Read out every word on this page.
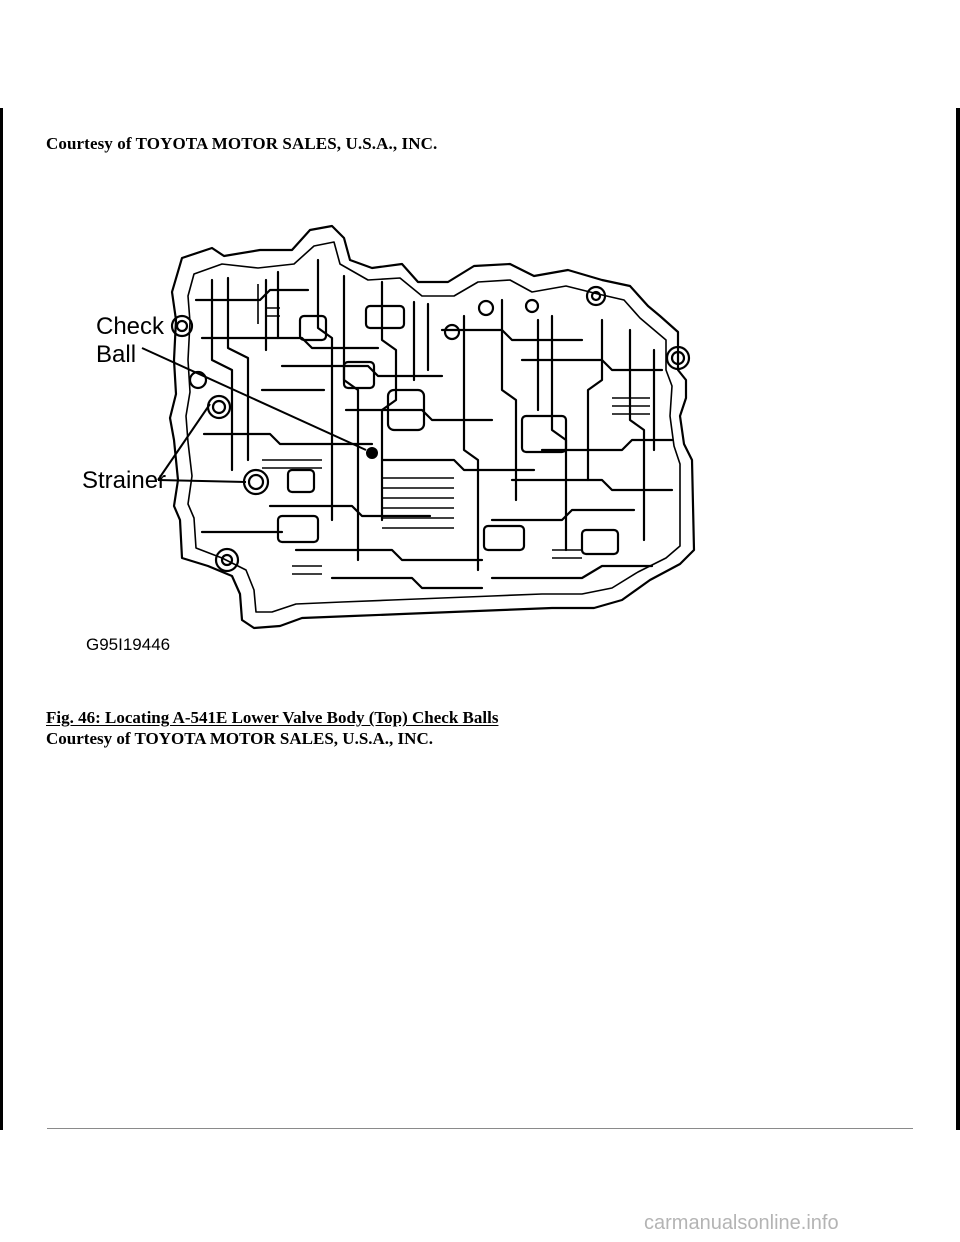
Courtesy of TOYOTA MOTOR SALES, U.S.A., INC.
Check
Ball
Strainer
G95I19446
Fig. 46: Locating A-541E Lower Valve Body (Top) Check Balls
Courtesy of TOYOTA MOTOR SALES, U.S.A., INC.
carmanualsonline.info
